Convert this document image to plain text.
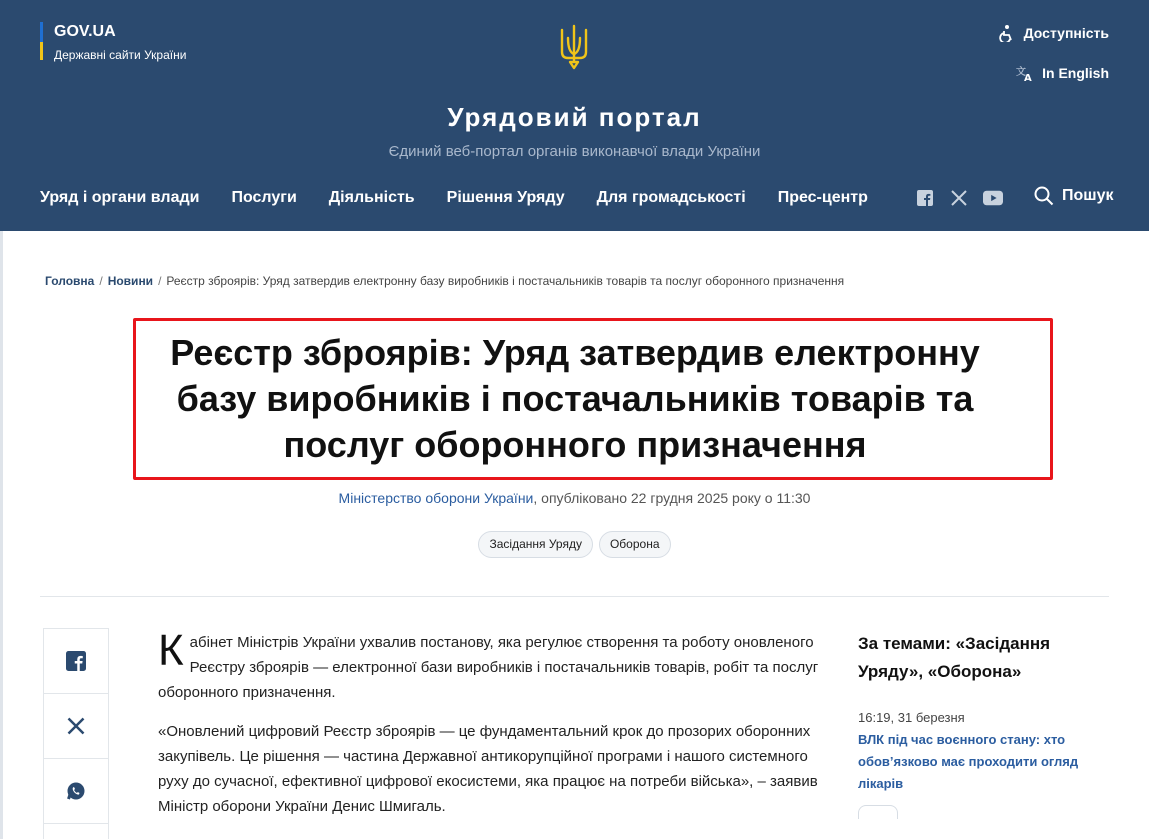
GOV.UA
Державні сайти України
Доступність
文
A In English
Урядовий портал
Єдиний веб-портал органів виконавчої влади України
Уряд і органи влади Послуги Діяльність Рішення Уряду Для громадськості Прес-центр	Пошук
Головна / Новини / Реєстр зброярів: Уряд затвердив електронну базу виробників і постачальників товарів та послуг оборонного призначення
Реєстр зброярів: Уряд затвердив електронну базу виробників і постачальників товарів та послуг оборонного призначення
Міністерство оборони України, опубліковано 22 грудня 2025 року о 11:30
Засідання Уряду	Оборона

Кабінет Міністрів України ухвалив постанову, яка регулює створення та роботу оновленого Реєстру зброярів — електронної бази виробників і постачальників товарів, робіт та послуг оборонного призначення.

«Оновлений цифровий Реєстр зброярів — це фундаментальний крок до прозорих оборонних закупівель. Це рішення — частина Державної антикорупційної програми і нашого системного руху до сучасної, ефективної цифрової екосистеми, яка працює на потреби війська», – заявив Міністр оборони України Денис Шмигаль.

За темами: «Засідання Уряду», «Оборона»
16:19, 31 березня
ВЛК під час воєнного стану: хто обов’язково має проходити огляд лікарів
